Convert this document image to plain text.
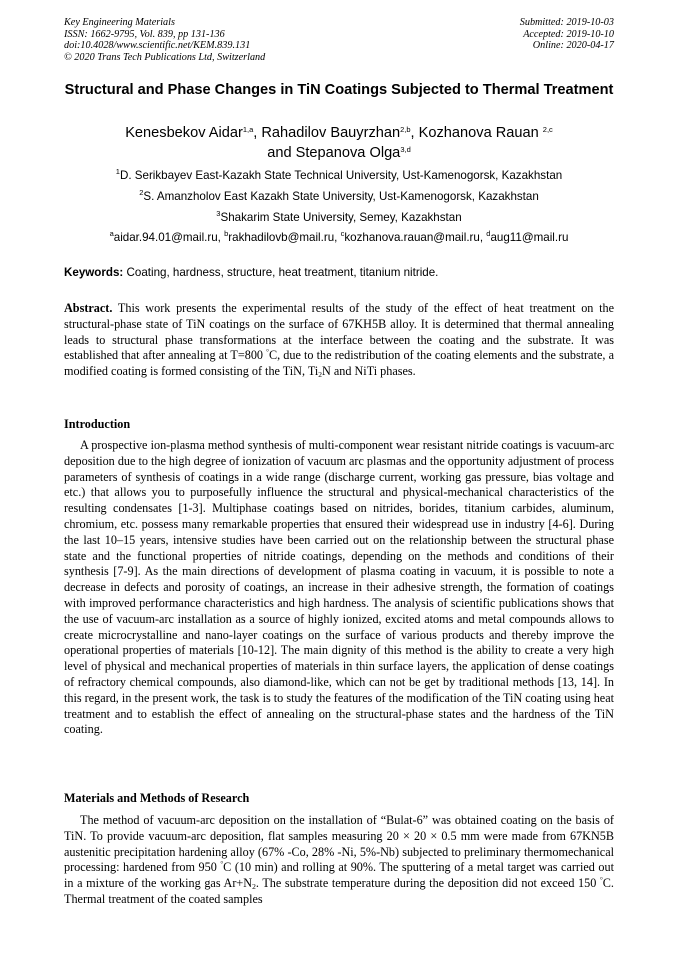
Key Engineering Materials
ISSN: 1662-9795, Vol. 839, pp 131-136
doi:10.4028/www.scientific.net/KEM.839.131
© 2020 Trans Tech Publications Ltd, Switzerland
Submitted: 2019-10-03
Accepted: 2019-10-10
Online: 2020-04-17
Structural and Phase Changes in TiN Coatings Subjected to Thermal Treatment
Kenesbekov Aidar$^{1,a}$, Rahadilov Bauyrzhan$^{2,b}$, Kozhanova Rauan $^{2,c}$
and Stepanova Olga$^{3,d}$
$^1$D. Serikbayev East-Kazakh State Technical University, Ust-Kamenogorsk, Kazakhstan
$^2$S. Amanzholov East Kazakh State University, Ust-Kamenogorsk, Kazakhstan
$^3$Shakarim State University, Semey, Kazakhstan
$^a$aidar.94.01@mail.ru, $^b$rakhadilovb@mail.ru, $^c$kozhanova.rauan@mail.ru, $^d$aug11@mail.ru
Keywords: Coating, hardness, structure, heat treatment, titanium nitride.

Abstract. This work presents the experimental results of the study of the effect of heat treatment on the structural-phase state of TiN coatings on the surface of 67KH5B alloy. It is determined that thermal annealing leads to structural phase transformations at the interface between the coating and the substrate. It was established that after annealing at T=800 °C, due to the redistribution of the coating elements and the substrate, a modified coating is formed consisting of the TiN, $Ti_2N$ and NiTi phases.

Introduction

A prospective ion-plasma method synthesis of multi-component wear resistant nitride coatings is vacuum-arc deposition due to the high degree of ionization of vacuum arc plasmas and the opportunity adjustment of process parameters of synthesis of coatings in a wide range (discharge current, working gas pressure, bias voltage and etc.) that allows you to purposefully influence the structural and physical-mechanical characteristics of the resulting condensates [1-3]. Multiphase coatings based on nitrides, borides, titanium carbides, aluminum, chromium, etc. possess many remarkable properties that ensured their widespread use in industry [4-6]. During the last 10–15 years, intensive studies have been carried out on the relationship between the structural phase state and the functional properties of nitride coatings, depending on the methods and conditions of their synthesis [7-9]. As the main directions of development of plasma coating in vacuum, it is possible to note a decrease in defects and porosity of coatings, an increase in their adhesive strength, the formation of coatings with improved performance characteristics and high hardness. The analysis of scientific publications shows that the use of vacuum-arc installation as a source of highly ionized, excited atoms and metal compounds allows to create microcrystalline and nano-layer coatings on the surface of various products and thereby improve the operational properties of materials [10-12]. The main dignity of this method is the ability to create a very high level of physical and mechanical properties of materials in thin surface layers, the application of dense coatings of refractory chemical compounds, also diamond-like, which can not be get by traditional methods [13, 14]. In this regard, in the present work, the task is to study the features of the modification of the TiN coating using heat treatment and to establish the effect of annealing on the structural-phase states and the hardness of the TiN coating.

Materials and Methods of Research

The method of vacuum-arc deposition on the installation of “Bulat-6” was obtained coating on the basis of TiN. To provide vacuum-arc deposition, flat samples measuring 20 × 20 × 0.5 mm were made from 67KN5B austenitic precipitation hardening alloy (67% -Co, 28% -Ni, 5%-Nb) subjected to preliminary thermomechanical processing: hardened from 950 °C (10 min) and rolling at 90%. The sputtering of a metal target was carried out in a mixture of the working gas $Ar+N_2$. The substrate temperature during the deposition did not exceed 150 °C. Thermal treatment of the coated samples
